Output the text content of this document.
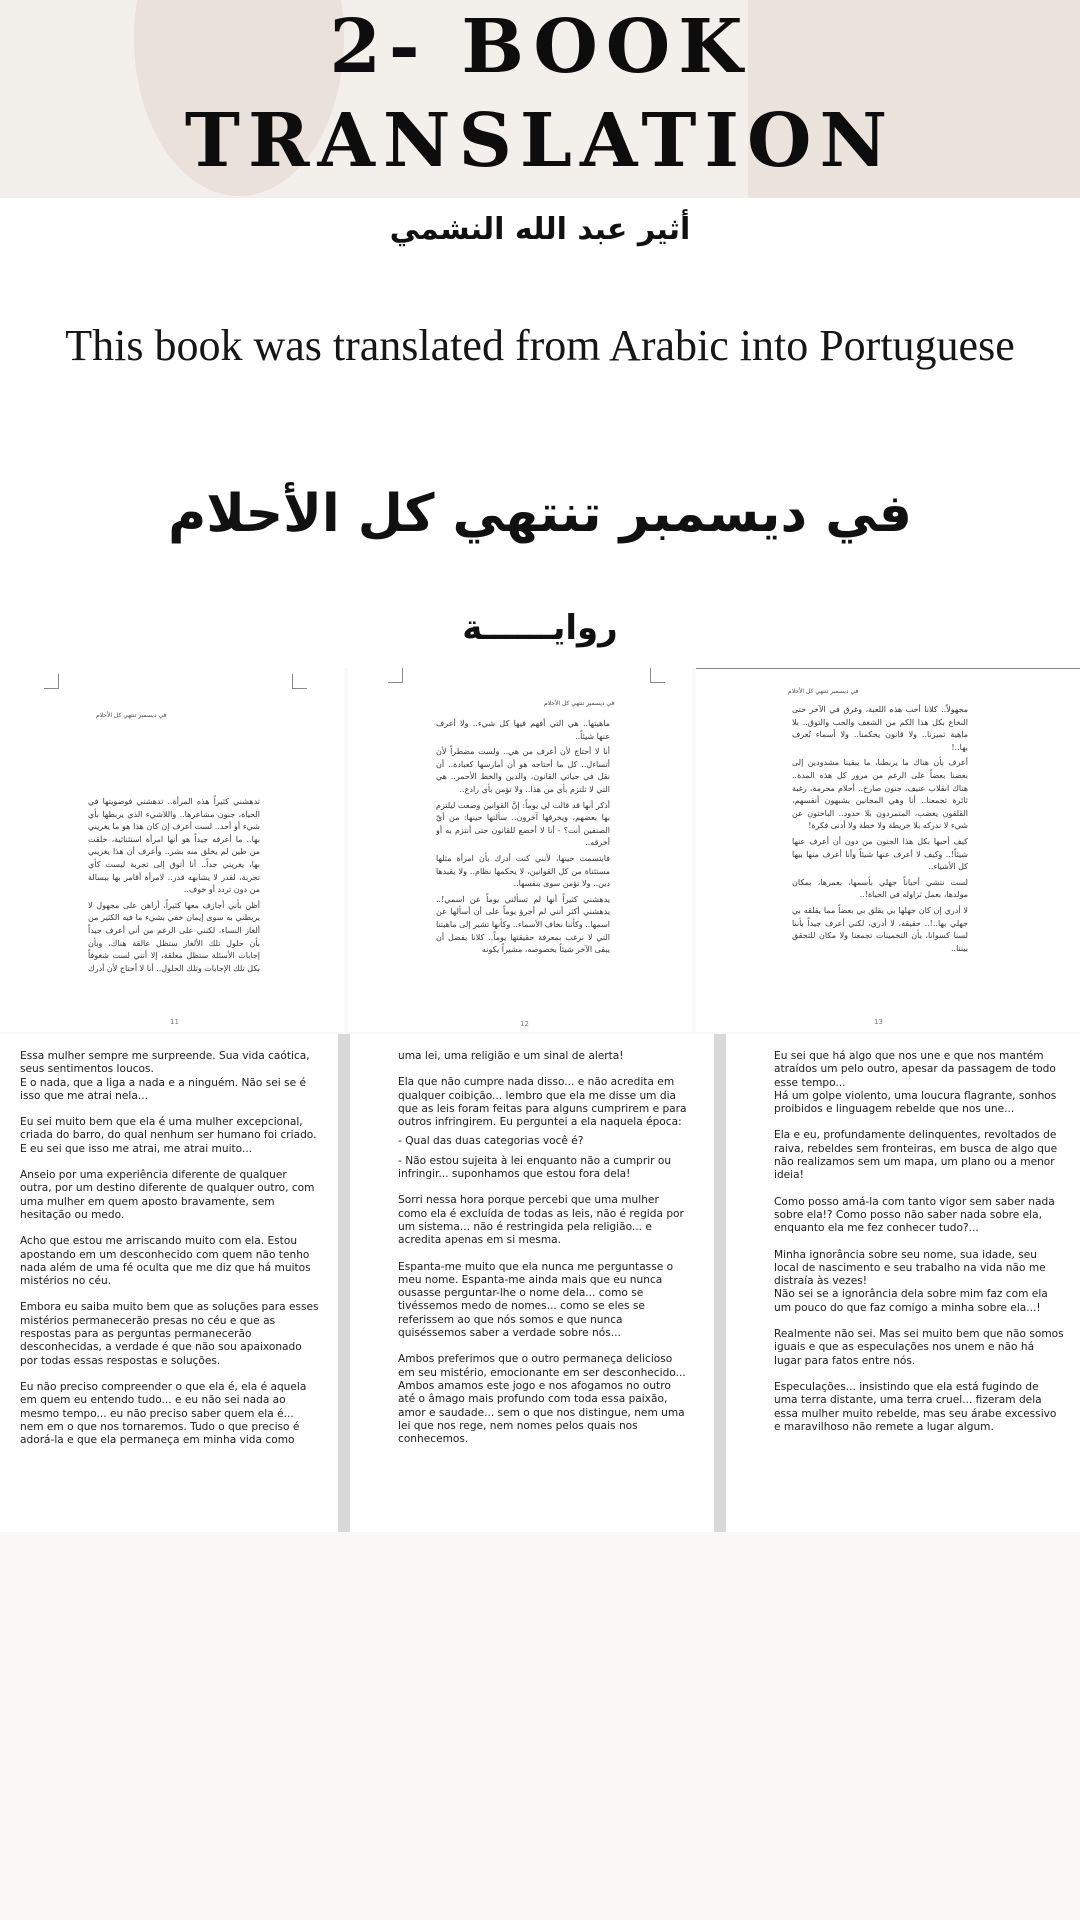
2- BOOK
TRANSLATION
أثير عبد الله النشمي
This book was translated from Arabic into Portuguese
في ديسمبر تنتهي كل الأحلام
روايــــــة
في ديسمبر تنتهي كل الأحلام

تدهشني كثيراً هذه المرأة.. تدهشني فوضويتها في الحياة، جنون مشاعرها.. واللاشيء الذي يربطها بأي شيء أو أحد.. لست أعرف إن كان هذا هو ما يغريني بها.. ما أعرفه جيداً هو أنها امرأة استثنائية، خلقت من طين لم يخلق منه بشر.. وأعرف أن هذا يغريني بها، يغريني جداً.. أنا أتوق إلى تجربة ليست كأي تجربة، لقدر لا يشابهه قدر.. لامرأة أقامر بها ببسالة من دون تردد أو خوف..

أظن بأني أجازف معها كثيراً، أراهن على مجهول لا يربطني به سوى إيمان خفي بشيء ما فيه الكثير من ألغاز النساء، لكنني على الرغم من أني أعرف جيداً بأن حلول تلك الألغاز ستظل عالقة هناك، وبأن إجابات الأسئلة ستظل معلقة، إلا أنني لست شغوفاً بكل تلك الإجابات وتلك الحلول.. أنا لا أحتاج لأن أدرك

11
في ديسمبر تنتهي كل الأحلام

ماهيتها.. هي التي أفهم فيها كل شيء.. ولا أعرف عنها شيئاً..

أنا لا أحتاج لأن أعرف من هي.. ولست مضطراً لأن أتساءل.. كل ما أحتاجه هو أن أمارسها كعبادة.. أن نقل في حياتي القانون، والدين والخط الأحمر.. هي التي لا تلتزم بأي من هذا.. ولا تؤمن بأي رادع..

أذكر أنها قد قالت لي يوماً: إنَّ القوانين وضعت ليلتزم بها بعضهم، ويخرقها آخرون.. سألتها حينها: من أيّ الصنفين أنت؟ - أنا لا أخضع للقانون حتى أنتزم به أو أخرقه..

فابتسمت حينها، لأنني كنت أدرك بأن امرأة مثلها مستثناة من كل القوانين، لا يحكمها نظام.. ولا يقيدها دين.. ولا تؤمن سوى بنفسها..

يدهشني كثيراً أنها لم تسألني يوماً عن اسمي!.. يدهشني أكثر أنني لم أجرؤ يوماً على أن أسألها عن اسمها.. وكأننا نخاف الأسماء.. وكأنها تشير إلى ماهيتنا التي لا نرغب بمعرفة حقيقتها يوماً.. كلانا يفضل أن يبقى الآخر شيئاً بخصوصه، مشيراً يكونه

12
في ديسمبر تنتهي كل الأحلام

مجهولاً.. كلانا أحب هذه اللعبة، وغرق في الآخر حتى النخاع بكل هذا الكم من الشغف والحب والتوق.. بلا ماهية تميزنا.. ولا قانون يحكمنا.. ولا أسماء تُعرف بها..!

أعرف بأن هناك ما يربطنا، ما يبقينا مشدودين إلى بعضنا بعضاً على الرغم من مرور كل هذه المدة.. هناك انقلاب عنيف، جنون صارخ.. أحلام محرمة، رغبة ثائرة تجمعنا.. أنا وهي المجانين يشبهون أنفسهم، القلقون يغضب، المتمردون بلا حدود.. الباحثون عن شيء لا ندركه بلا خريطة ولا خطة ولا أدنى فكرة!

كيف أحبها بكل هذا الجنون من دون أن أعرف عنها شيئاً!.. وكيف لا أعرف عنها شيئاً وأنا أعرف منها بيها كل الأشياء..

لست نتشي أحياناً جهلي بأسمها، بعمرها، بمكان مولدها، بعمل تزاوله في الحياة!..

لا أدري إن كان جهلها بي يقلق بي بعضاً مما يقلقه بي جهلي بها..!.. حقيقة، لا أدري، لكني أعرف جيداً بأننا لسنا كسوانا، بأن التخمينات تجمعنا ولا مكان للتحقق بيننا..

13

Essa mulher sempre me surpreende. Sua vida caótica, seus sentimentos loucos.
E o nada, que a liga a nada e a ninguém. Não sei se é isso que me atrai nela...

Eu sei muito bem que ela é uma mulher excepcional, criada do barro, do qual nenhum ser humano foi criado. E eu sei que isso me atrai, me atrai muito...

Anseio por uma experiência diferente de qualquer outra, por um destino diferente de qualquer outro, com uma mulher em quem aposto bravamente, sem hesitação ou medo.

Acho que estou me arriscando muito com ela. Estou apostando em um desconhecido com quem não tenho nada além de uma fé oculta que me diz que há muitos mistérios no céu.

Embora eu saiba muito bem que as soluções para esses mistérios permanecerão presas no céu e que as respostas para as perguntas permanecerão desconhecidas, a verdade é que não sou apaixonado por todas essas respostas e soluções.

Eu não preciso compreender o que ela é, ela é aquela em quem eu entendo tudo... e eu não sei nada ao mesmo tempo... eu não preciso saber quem ela é... nem em o que nos tornaremos. Tudo o que preciso é adorá-la e que ela permaneça em minha vida como

uma lei, uma religião e um sinal de alerta!

Ela que não cumpre nada disso... e não acredita em qualquer coibição... lembro que ela me disse um dia que as leis foram feitas para alguns cumprirem e para outros infringirem. Eu perguntei a ela naquela época:

- Qual das duas categorias você é?

- Não estou sujeita à lei enquanto não a cumprir ou infringir... suponhamos que estou fora dela!

Sorri nessa hora porque percebi que uma mulher como ela é excluída de todas as leis, não é regida por um sistema... não é restringida pela religião... e acredita apenas em si mesma.

Espanta-me muito que ela nunca me perguntasse o meu nome. Espanta-me ainda mais que eu nunca ousasse perguntar-lhe o nome dela... como se tivéssemos medo de nomes... como se eles se referissem ao que nós somos e que nunca quiséssemos saber a verdade sobre nós...

Ambos preferimos que o outro permaneça delicioso em seu mistério, emocionante em ser desconhecido... Ambos amamos este jogo e nos afogamos no outro até o âmago mais profundo com toda essa paixão, amor e saudade... sem o que nos distingue, nem uma lei que nos rege, nem nomes pelos quais nos conhecemos.

Eu sei que há algo que nos une e que nos mantém atraídos um pelo outro, apesar da passagem de todo esse tempo...
Há um golpe violento, uma loucura flagrante, sonhos proibidos e linguagem rebelde que nos une...

Ela e eu, profundamente delinquentes, revoltados de raiva, rebeldes sem fronteiras, em busca de algo que não realizamos sem um mapa, um plano ou a menor ideia!

Como posso amá-la com tanto vigor sem saber nada sobre ela!? Como posso não saber nada sobre ela, enquanto ela me fez conhecer tudo?...

Minha ignorância sobre seu nome, sua idade, seu local de nascimento e seu trabalho na vida não me distraía às vezes!
Não sei se a ignorância dela sobre mim faz com ela um pouco do que faz comigo a minha sobre ela...!

Realmente não sei. Mas sei muito bem que não somos iguais e que as especulações nos unem e não há lugar para fatos entre nós.

Especulações... insistindo que ela está fugindo de uma terra distante, uma terra cruel... fizeram dela essa mulher muito rebelde, mas seu árabe excessivo e maravilhoso não remete a lugar algum.
